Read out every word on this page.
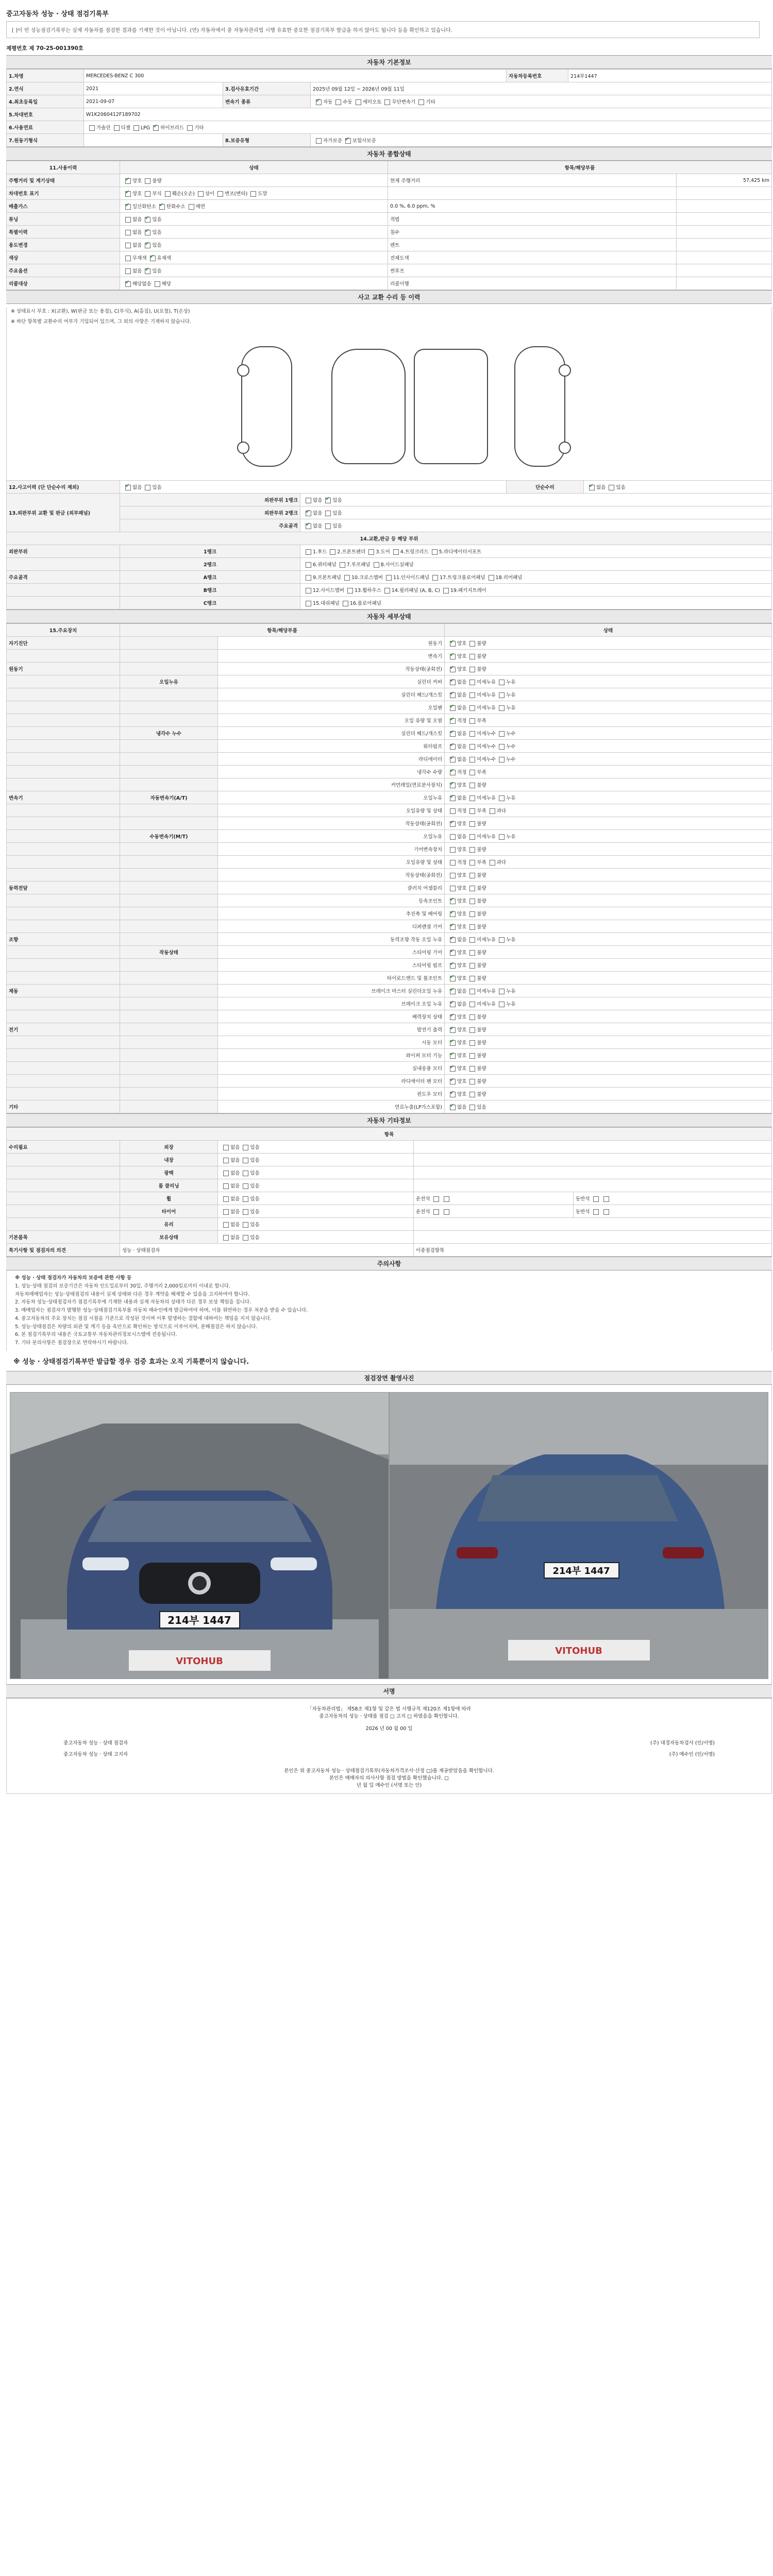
중고자동차 성능 · 상태 점검기록부
[ ]이 빈 성능점검기록부는 실제 자동차를 점검한 결과를 기재한 것이 아닙니다. (연) 자동차에서 중 자동차관리법 시행 유효한 중요한 점검기록부 발급을 하지 않아도 됩니다 등을 확인하고 있습니다.
제평번호 제 70-25-001390호
자동차 기본정보
1.차명	MERCEDES-BENZ C 300			자동차등록번호	214부1447
2.연식	2021	3.검사유효기간	2025년 09월 12일 ~ 2026년 09월 11일		
4.최초등록일	2021-09-07	변속기 종류	✔자동 수동 세미오토 무단변속기 기타
5.차대번호	W1K2060412F189702				
6.사용연료	가솔린 디젤 LPG ✔ 하이브리드 기타
7.원동기형식		8.보증유형	자가보증 ✔ 보험사보증
자동차 종합상태
11.사용이력	상태	항목/해당부품	
주행거리 및 계기상태	✔양호 불량	현재 주행거리	57,425 km
차대번호 표기	✔양호 부식 훼손(오손) 상이 변조(변타) 도말		
배출가스	✔일산화탄소 ✔ 탄화수소 매연	0.0 %, 6.0 ppm, %	
튜닝	없음 ✔ 있음	적법	
특별이력	없음 ✔ 있음	침수	
용도변경	없음 ✔ 있음	렌트	
색상	무채색 ✔ 유채색	전체도색	
주요옵션	없음 ✔ 있음	썬루프	
리콜대상	✔해당없음 해당	리콜이행	
사고 교환 수리 등 이력
※ 상태표시 부호 : X(교환), W(판금 또는 용접), C(부식), A(흠집), U(요철), T(손상)
※ 하단 항목별 교환수리 여부가 기입되어 있으며, 그 외의 사항은 기재하지 않습니다.
12.사고이력 (단 단순수리 제외)	✔없음 있음		단순수리	✔없음 있음
13.외판부위 교환 및 판금 (외부패널)	외판부위 1랭크	없음 ✔ 있음
	외판부위 2랭크	✔없음 있음
	주요골격	✔없음 있음
14.교환,판금 등 해당 부위				
외판부위	1랭크	1.후드 2.프론트펜더 3.도어 4.트렁크리드 5.라디에이터서포트		
	2랭크	6.쿼터패널 7.루프패널 8.사이드실패널		
주요골격	A랭크	9.프론트패널 10.크로스멤버 11.인사이드패널 17.트렁크플로어패널 18.리어패널		
	B랭크	12.사이드멤버 13.휠하우스 14.필러패널 (A, B, C) 19.패키지트레이		
	C랭크	15.대쉬패널 16.플로어패널		
자동차 세부상태
15.주요장치	항목/해당부품		상태
자기진단		원동기	✔양호 불량
		변속기	✔양호 불량
원동기		작동상태(공회전)	✔양호 불량
	오일누유	실린더 커버	✔없음 미세누유 누유
		실린더 헤드/개스킷	✔없음 미세누유 누유
		오일팬	✔없음 미세누유 누유
		오일 유량 및 오염	✔적정 부족
	냉각수 누수	실린더 헤드/개스킷	✔없음 미세누수 누수
		워터펌프	✔없음 미세누수 누수
		라디에이터	✔없음 미세누수 누수
		냉각수 수량	✔적정 부족
		커먼레일(연료분사장치)	✔양호 불량
변속기	자동변속기(A/T)	오일누유	✔없음 미세누유 누유
		오일유량 및 상태	적정 부족 과다
		작동상태(공회전)	✔양호 불량
	수동변속기(M/T)	오일누유	없음 미세누유 누유
		기어변속장치	양호 불량
		오일유량 및 상태	적정 부족 과다
		작동상태(공회전)	양호 불량
동력전달		클러치 어셈블리	양호 불량
		등속조인트	✔양호 불량
		추진축 및 베어링	✔양호 불량
		디퍼렌셜 기어	✔양호 불량
조향		동력조향 작동 오일 누유	✔없음 미세누유 누유
	작동상태	스티어링 기어	✔양호 불량
		스티어링 펌프	✔양호 불량
		타이로드엔드 및 볼조인트	✔양호 불량
제동		브레이크 마스터 실린더오일 누유	✔없음 미세누유 누유
		브레이크 오일 누유	✔없음 미세누유 누유
		배력장치 상태	✔양호 불량
전기		발전기 출력	✔양호 불량
		시동 모터	✔양호 불량
		와이퍼 모터 기능	✔양호 불량
		실내송풍 모터	✔양호 불량
		라디에이터 팬 모터	✔양호 불량
		윈도우 모터	✔양호 불량
기타		연료누출(LP가스포함)	✔없음 있음
자동차 기타정보
항목				
수리필요	외장	없음 있음		
	내장	없음 있음		
	광택	없음 있음		
	룸 클리닝	없음 있음		
	휠	없음 있음	운전석	동반석
	타이어	없음 있음	운전석	동반석
	유리	없음 있음		
기본품목	보유상태	없음 있음		
특기사항 및 점검자의 의견	성능 · 상태점검자		이중점검항목	
주의사항

※ 성능 · 상태 점검자가 자동차의 보증에 관한 사항 등

1. 성능·상태 점검의 보증기간은 자동차 인도일로부터 30일, 주행거리 2,000킬로미터 이내로 합니다.

자동차매매업자는 성능·상태점검의 내용이 실제 상태와 다른 경우 계약을 해제할 수 있음을 고지하여야 합니다.

2. 자동차 성능·상태점검자가 점검기록부에 기재한 내용과 실제 자동차의 상태가 다른 경우 보상 책임을 집니다.

3. 매매업자는 점검자가 발행한 성능·상태점검기록부를 자동차 매수인에게 발급하여야 하며, 이를 위반하는 경우 처분을 받을 수 있습니다.

4. 중고자동차의 주요 장치는 점검 시점을 기준으로 작성된 것이며 이후 발생하는 결함에 대하여는 책임을 지지 않습니다.

5. 성능·상태점검은 차량의 외관 및 계기 등을 육안으로 확인하는 방식으로 이루어지며, 분해점검은 하지 않습니다.

6. 본 점검기록부의 내용은 국토교통부 자동차관리정보시스템에 전송됩니다.

7. 기타 문의사항은 점검장으로 연락하시기 바랍니다.

※ 성능 · 상태점검기록부만 발급할 경우 검증 효과는 오직 기록뿐이지 않습니다.
점검장면 촬영사진
214부 1447
VITOHUB
214부 1447
VITOHUB
서명
「자동차관리법」 제58조 제1항 및 같은 법 시행규칙 제120조 제1항에 따라
중고자동차의 성능 · 상태를 점검 □ 고지 □ 하였음을 확인합니다.
2026 년 00 월 00 일
중고자동차 성능 · 상태 점검자	(주) 대경자동차검사 (인/서명)
중고자동차 성능 · 상태 고지자	(주) 매수인 (인/서명)
본인은 위 중고자동차 성능 · 상태점검기록부(자동차가격조사·산정 □)를 제공받았음을 확인합니다.
본인은 매매자의 의사사항 점검 방법을 확인했습니다. □
년 월 일 매수인 (서명 또는 인)
